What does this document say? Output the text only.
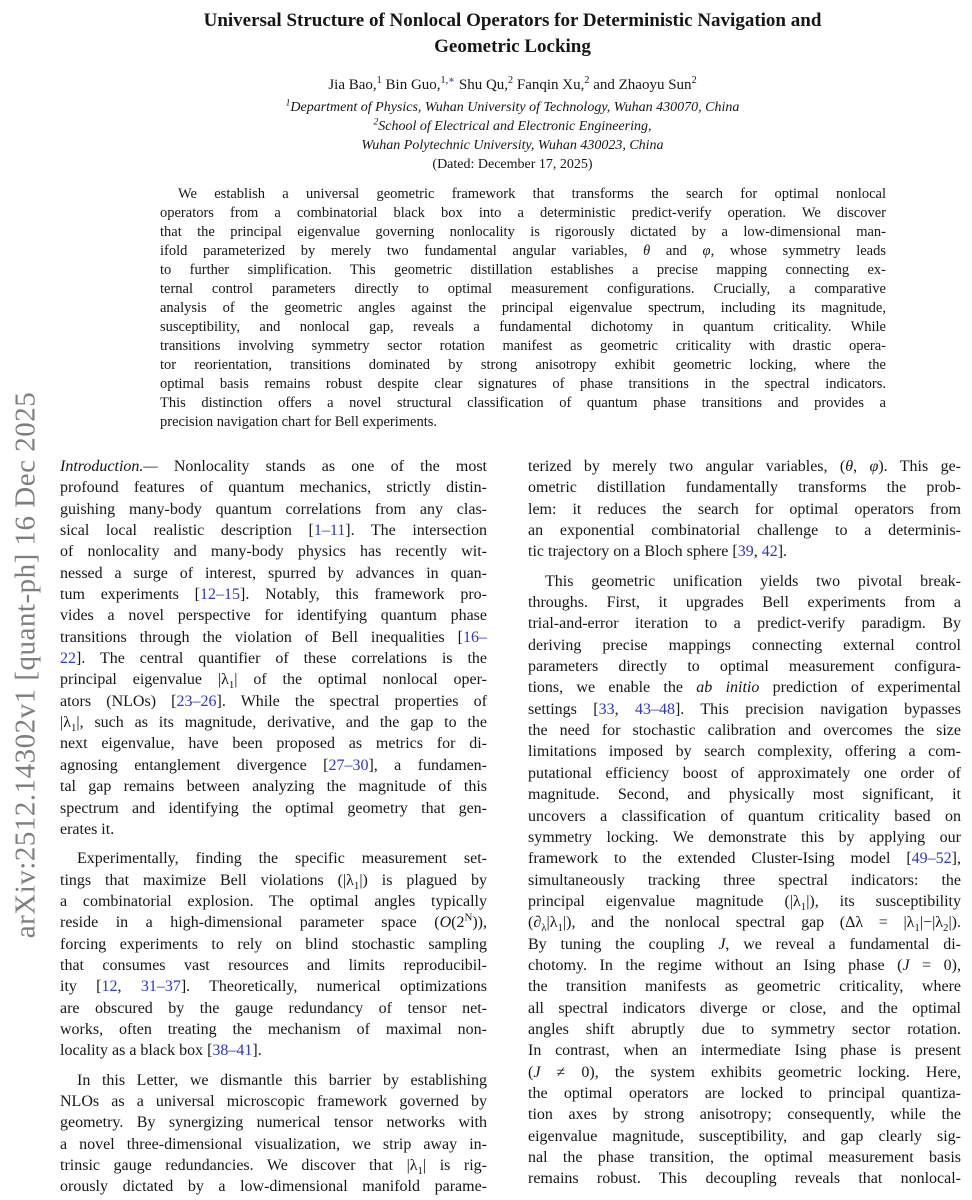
arXiv:2512.14302v1 [quant-ph] 16 Dec 2025
Universal Structure of Nonlocal Operators for Deterministic Navigation and
Geometric Locking
Jia Bao,$^1$ Bin Guo,$^{1,∗}$ Shu Qu,$^2$ Fanqin Xu,$^2$ and Zhaoyu Sun$^2$
$^1$Department of Physics, Wuhan University of Technology, Wuhan 430070, China
$^2$School of Electrical and Electronic Engineering,
Wuhan Polytechnic University, Wuhan 430023, China
(Dated: December 17, 2025)
We establish a universal geometric framework that transforms the search for optimal nonlocal
operators from a combinatorial black box into a deterministic predict-verify operation. We discover
that the principal eigenvalue governing nonlocality is rigorously dictated by a low-dimensional man-
ifold parameterized by merely two fundamental angular variables, θ and φ, whose symmetry leads
to further simplification. This geometric distillation establishes a precise mapping connecting ex-
ternal control parameters directly to optimal measurement configurations. Crucially, a comparative
analysis of the geometric angles against the principal eigenvalue spectrum, including its magnitude,
susceptibility, and nonlocal gap, reveals a fundamental dichotomy in quantum criticality. While
transitions involving symmetry sector rotation manifest as geometric criticality with drastic opera-
tor reorientation, transitions dominated by strong anisotropy exhibit geometric locking, where the
optimal basis remains robust despite clear signatures of phase transitions in the spectral indicators.
This distinction offers a novel structural classification of quantum phase transitions and provides a
precision navigation chart for Bell experiments.
Introduction.— Nonlocality stands as one of the most
profound features of quantum mechanics, strictly distin-
guishing many-body quantum correlations from any clas-
sical local realistic description [1–11]. The intersection
of nonlocality and many-body physics has recently wit-
nessed a surge of interest, spurred by advances in quan-
tum experiments [12–15]. Notably, this framework pro-
vides a novel perspective for identifying quantum phase
transitions through the violation of Bell inequalities [16–
22]. The central quantifier of these correlations is the
principal eigenvalue $|\lambda_1|$ of the optimal nonlocal oper-
ators (NLOs) [23–26]. While the spectral properties of
$|\lambda_1|$, such as its magnitude, derivative, and the gap to the
next eigenvalue, have been proposed as metrics for di-
agnosing entanglement divergence [27–30], a fundamen-
tal gap remains between analyzing the magnitude of this
spectrum and identifying the optimal geometry that gen-
erates it.
Experimentally, finding the specific measurement set-
tings that maximize Bell violations $(|\lambda_1|)$ is plagued by
a combinatorial explosion. The optimal angles typically
reside in a high-dimensional parameter space $(O(2^N))$,
forcing experiments to rely on blind stochastic sampling
that consumes vast resources and limits reproducibil-
ity [12, 31–37]. Theoretically, numerical optimizations
are obscured by the gauge redundancy of tensor net-
works, often treating the mechanism of maximal non-
locality as a black box [38–41].
In this Letter, we dismantle this barrier by establishing
NLOs as a universal microscopic framework governed by
geometry. By synergizing numerical tensor networks with
a novel three-dimensional visualization, we strip away in-
trinsic gauge redundancies. We discover that $|\lambda_1|$ is rig-
orously dictated by a low-dimensional manifold parame-
terized by merely two angular variables, (θ, φ). This ge-
ometric distillation fundamentally transforms the prob-
lem: it reduces the search for optimal operators from
an exponential combinatorial challenge to a determinis-
tic trajectory on a Bloch sphere [39, 42].
This geometric unification yields two pivotal break-
throughs. First, it upgrades Bell experiments from a
trial-and-error iteration to a predict-verify paradigm. By
deriving precise mappings connecting external control
parameters directly to optimal measurement configura-
tions, we enable the ab initio prediction of experimental
settings [33, 43–48]. This precision navigation bypasses
the need for stochastic calibration and overcomes the size
limitations imposed by search complexity, offering a com-
putational efficiency boost of approximately one order of
magnitude. Second, and physically most significant, it
uncovers a classification of quantum criticality based on
symmetry locking. We demonstrate this by applying our
framework to the extended Cluster-Ising model [49–52],
simultaneously tracking three spectral indicators: the
principal eigenvalue magnitude $(|\lambda_1|)$, its susceptibility
$(\partial_\lambda|\lambda_1|)$, and the nonlocal spectral gap $(\Delta\lambda = |\lambda_1|-|\lambda_2|)$.
By tuning the coupling J, we reveal a fundamental di-
chotomy. In the regime without an Ising phase (J = 0),
the transition manifests as geometric criticality, where
all spectral indicators diverge or close, and the optimal
angles shift abruptly due to symmetry sector rotation.
In contrast, when an intermediate Ising phase is present
(J ≠ 0), the system exhibits geometric locking. Here,
the optimal operators are locked to principal quantiza-
tion axes by strong anisotropy; consequently, while the
eigenvalue magnitude, susceptibility, and gap clearly sig-
nal the phase transition, the optimal measurement basis
remains robust. This decoupling reveals that nonlocal-
